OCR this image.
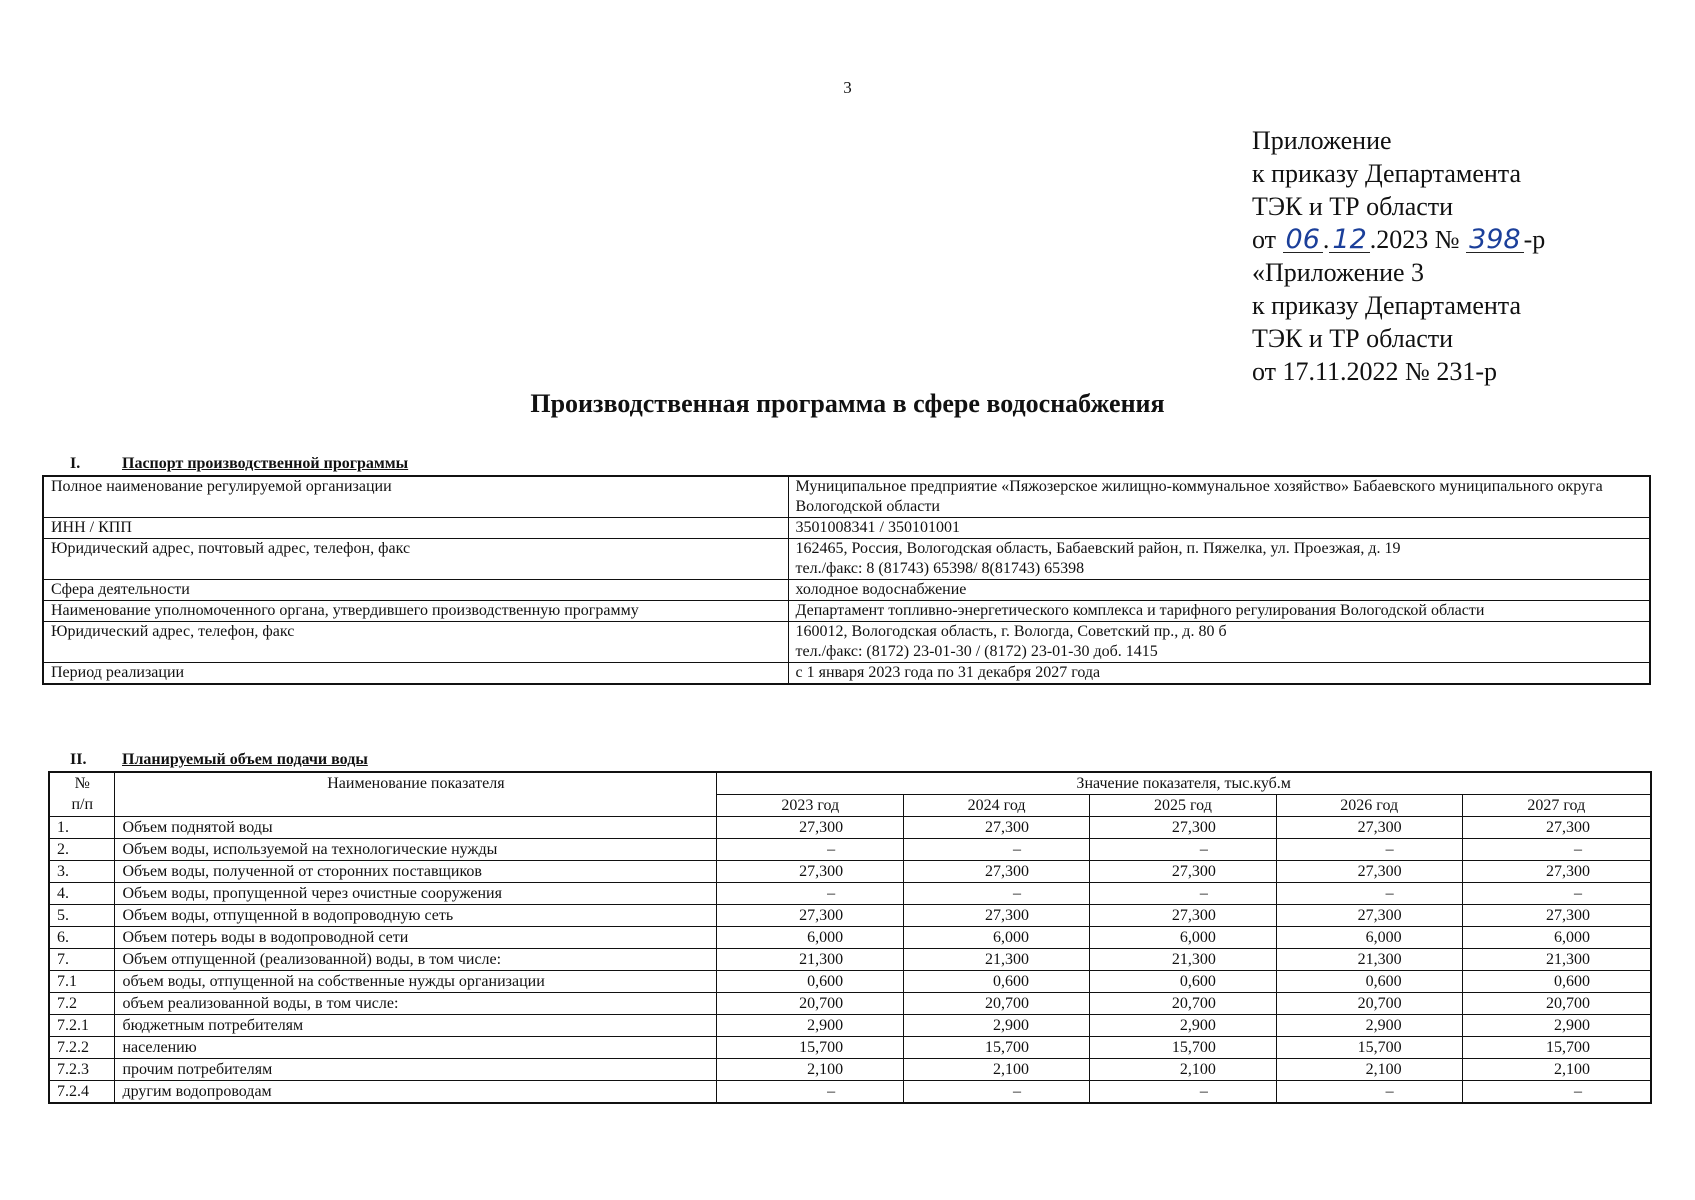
3
Приложение
к приказу Департамента
ТЭК и ТР области
от 06 . 12 .2023 № 398 -р
«Приложение 3
к приказу Департамента
ТЭК и ТР области
от 17.11.2022 № 231-р
Производственная программа в сфере водоснабжения
I.	Паспорт производственной программы
Полное наименование регулируемой организации	Муниципальное предприятие «Пяжозерское жилищно-коммунальное хозяйство» Бабаевского муниципального округа Вологодской области
ИНН / КПП	3501008341 / 350101001
Юридический адрес, почтовый адрес, телефон, факс	162465, Россия, Вологодская область, Бабаевский район, п. Пяжелка, ул. Проезжая, д. 19
тел./факс: 8 (81743) 65398/ 8(81743) 65398

Сфера деятельности	холодное водоснабжение
Наименование уполномоченного органа, утвердившего производственную программу	Департамент топливно-энергетического комплекса и тарифного регулирования Вологодской области
Юридический адрес, телефон, факс	160012, Вологодская область, г. Вологда, Советский пр., д. 80 б
тел./факс: (8172) 23-01-30 / (8172) 23-01-30 доб. 1415

Период реализации	с 1 января 2023 года по 31 декабря 2027 года
II. Планируемый объем подачи воды
№
п/п	Наименование показателя	Значение показателя, тыс.куб.м				
		2023 год	2024 год	2025 год	2026 год	2027 год
1.	Объем поднятой воды	27,300	27,300	27,300	27,300	27,300
2.	Объем воды, используемой на технологические нужды	–	–	–	–	–
3.	Объем воды, полученной от сторонних поставщиков	27,300	27,300	27,300	27,300	27,300
4.	Объем воды, пропущенной через очистные сооружения	–	–	–	–	–
5.	Объем воды, отпущенной в водопроводную сеть	27,300	27,300	27,300	27,300	27,300
6.	Объем потерь воды в водопроводной сети	6,000	6,000	6,000	6,000	6,000
7.	Объем отпущенной (реализованной) воды, в том числе:	21,300	21,300	21,300	21,300	21,300
7.1	объем воды, отпущенной на собственные нужды организации	0,600	0,600	0,600	0,600	0,600
7.2	объем реализованной воды, в том числе:	20,700	20,700	20,700	20,700	20,700
7.2.1	бюджетным потребителям	2,900	2,900	2,900	2,900	2,900
7.2.2	населению	15,700	15,700	15,700	15,700	15,700
7.2.3	прочим потребителям	2,100	2,100	2,100	2,100	2,100
7.2.4	другим водопроводам	–	–	–	–	–
